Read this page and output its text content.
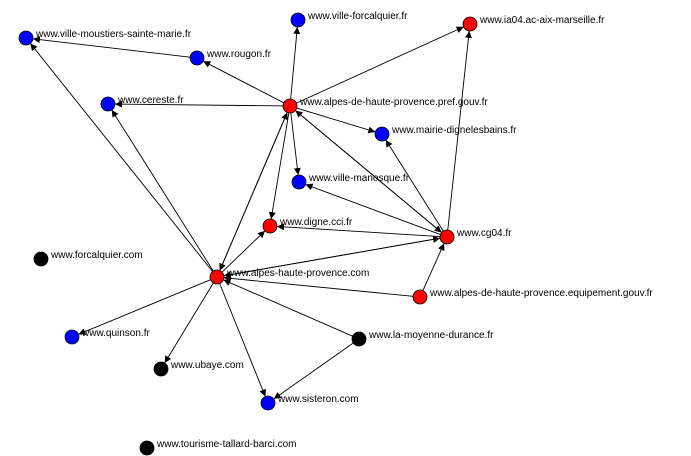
www.ville-moustiers-sainte-marie.fr
www.ville-forcalquier.fr	www.ia04.ac-aix-marseille.fr
www.rougon.fr
www.cereste.fr	www.alpes-de-haute-provence.pref.gouv.fr
www.mairie-dignelesbains.fr
www.ville-manosque.fr
www.digne.cci.fr
www.cg04.fr
www.forcalquier.com
www.alpes-haute-provence.com
www.alpes-de-haute-provence.equipement.gouv.fr
www.quinson.fr	www.la-moyenne-durance.fr
www.ubaye.com
www.sisteron.com
www.tourisme-tallard-barci.com
